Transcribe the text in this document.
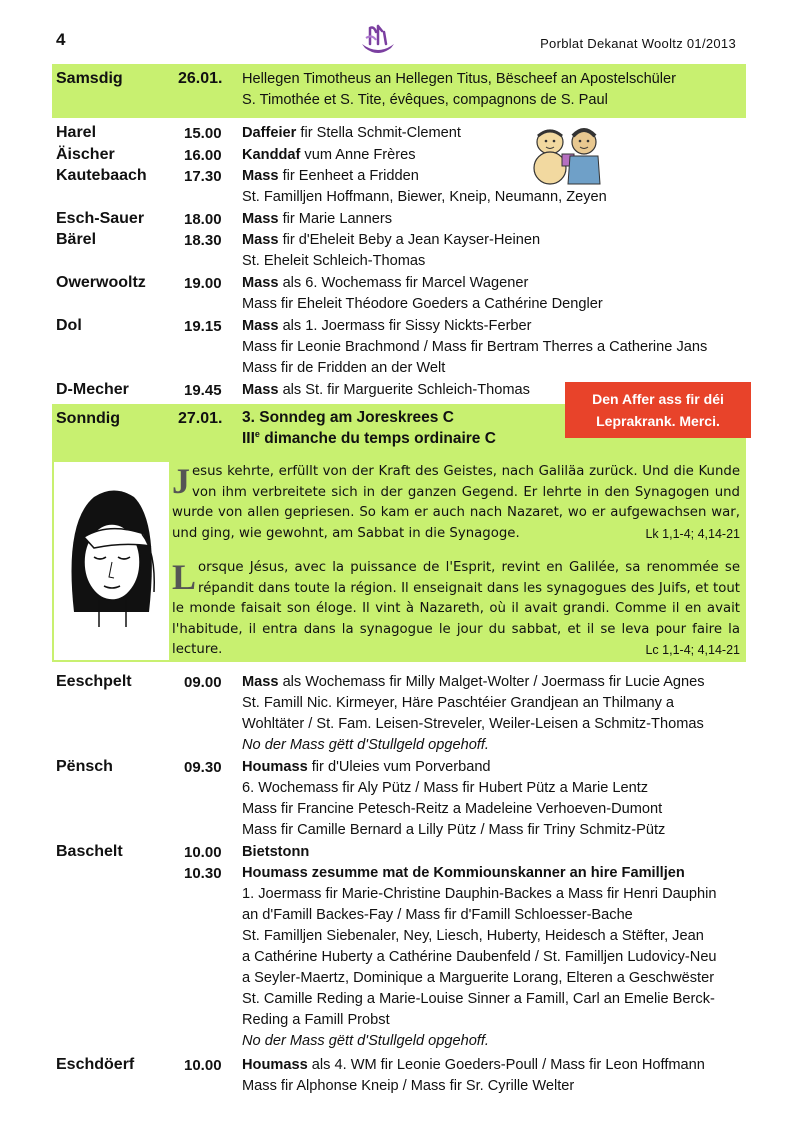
4	Porblat Dekanat Wooltz 01/2013
Samsdig	26.01. Hellegen Timotheus an Hellegen Titus, Bëscheef an Apostelschüler
S. Timothée et S. Tite, évêques, compagnons de S. Paul
Harel	15.00 Daffeier fir Stella Schmit-Clement
Äischer	16.00 Kanddaf vum Anne Frères
Kautebaach 17.30 Mass fir Eenheet a Fridden
St. Familljen Hoffmann, Biewer, Kneip, Neumann, Zeyen
Esch-Sauer	18.00 Mass fir Marie Lanners
Bärel	18.30 Mass fir d'Eheleit Beby a Jean Kayser-Heinen
St. Eheleit Schleich-Thomas
Owerwooltz	19.00 Mass als 6. Wochemass fir Marcel Wagener
Mass fir Eheleit Théodore Goeders a Cathérine Dengler
Dol	19.15 Mass als 1. Joermass fir Sissy Nickts-Ferber
Mass fir Leonie Brachmond / Mass fir Bertram Therres a Catherine Jans
Mass fir de Fridden an der Welt
D-Mecher	19.45 Mass als St. fir Marguerite Schleich-Thomas
Sonndig	27.01. 3. Sonndeg am Joreskrees C
IIIe dimanche du temps ordinaire C
Den Affer ass fir déi
Leprakrank. Merci.
Jesus kehrte, erfüllt von der Kraft des Geistes, nach Galiläa zurück. Und die Kunde von ihm verbreitete sich in der ganzen Gegend. Er lehrte in den Synagogen und wurde von allen gepriesen. So kam er auch nach Nazaret, wo er aufgewachsen war, und ging, wie gewohnt, am Sabbat in die Synagoge.	Lk 1,1-4; 4,14-21
Lorsque Jésus, avec la puissance de l'Esprit, revint en Galilée, sa renommée se répandit dans toute la région. Il enseignait dans les synagogues des Juifs, et tout le monde faisait son éloge. Il vint à Nazareth, où il avait grandi. Comme il en avait l'habitude, il entra dans la synagogue le jour du sabbat, et il se leva pour faire la lecture.	Lc 1,1-4; 4,14-21
Eeschpelt	09.00 Mass als Wochemass fir Milly Malget-Wolter / Joermass fir Lucie Agnes
St. Famill Nic. Kirmeyer, Häre Paschtéier Grandjean an Thilmany a
Wohltäter / St. Fam. Leisen-Streveler, Weiler-Leisen a Schmitz-Thomas
No der Mass gëtt d'Stullgeld opgehoff.
Pënsch	09.30 Houmass fir d'Uleies vum Porverband
6. Wochemass fir Aly Pütz / Mass fir Hubert Pütz a Marie Lentz
Mass fir Francine Petesch-Reitz a Madeleine Verhoeven-Dumont
Mass fir Camille Bernard a Lilly Pütz / Mass fir Triny Schmitz-Pütz
Baschelt	10.00 Bietstonn
10.30 Houmass zesumme mat de Kommiounskanner an hire Familljen
1. Joermass fir Marie-Christine Dauphin-Backes a Mass fir Henri Dauphin
an d'Famill Backes-Fay / Mass fir d'Famill Schloesser-Bache
St. Familljen Siebenaler, Ney, Liesch, Huberty, Heidesch a Stëfter, Jean
a Cathérine Huberty a Cathérine Daubenfeld / St. Familljen Ludovicy-Neu
a Seyler-Maertz, Dominique a Marguerite Lorang, Elteren a Geschwëster
St. Camille Reding a Marie-Louise Sinner a Famill, Carl an Emelie Berck-
Reding a Famill Probst
No der Mass gëtt d'Stullgeld opgehoff.
Eschdöerf	10.00 Houmass als 4. WM fir Leonie Goeders-Poull / Mass fir Leon Hoffmann
Mass fir Alphonse Kneip / Mass fir Sr. Cyrille Welter
